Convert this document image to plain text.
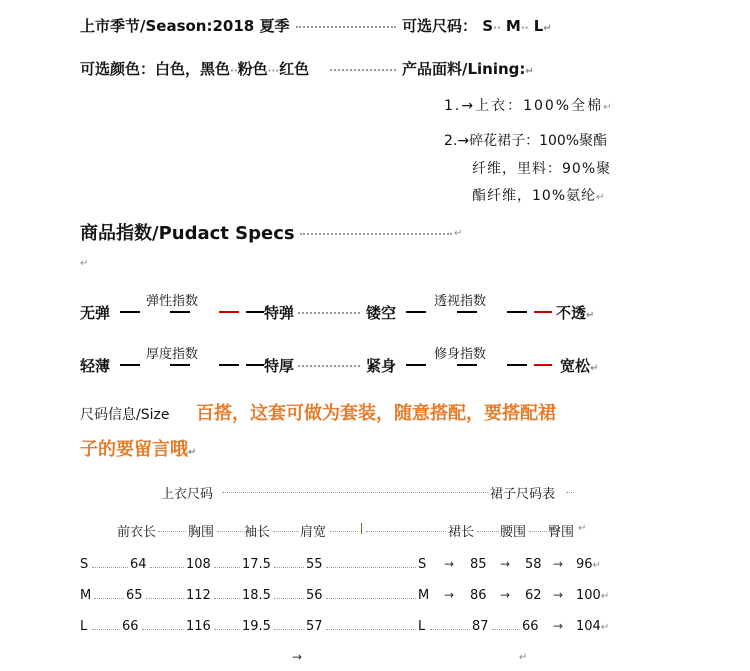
上市季节/Season:2018 夏季	可选尺码： S·· M·· L↵
可选颜色：白色，黑色··粉色···红色	产品面料/Lining:↵
1.→上衣：100%全棉↵
2.→碎花裙子：100%聚酯
纤维，里料：90%聚
酯纤维，10%氨纶↵
商品指数/Pudact Specs	↵
↵
弹性指数
无弹	特弹	镂空
透视指数
不透↵
厚度指数
轻薄	特厚	紧身
修身指数
宽松↵
尺码信息/Size 百搭，这套可做为套装，随意搭配，要搭配裙
子的要留言哦↵
上衣尺码	裙子尺码表
前衣长 胸围 袖长 肩宽	裙长 腰围 臀围 ↵
S	64	108 17.5	55	S → 85 → 58 → 96↵
M	65	112 18.5	56	M → 86 → 62 → 100↵
L	66	116 19.5	57	L	87	66 → 104↵
→	↵
